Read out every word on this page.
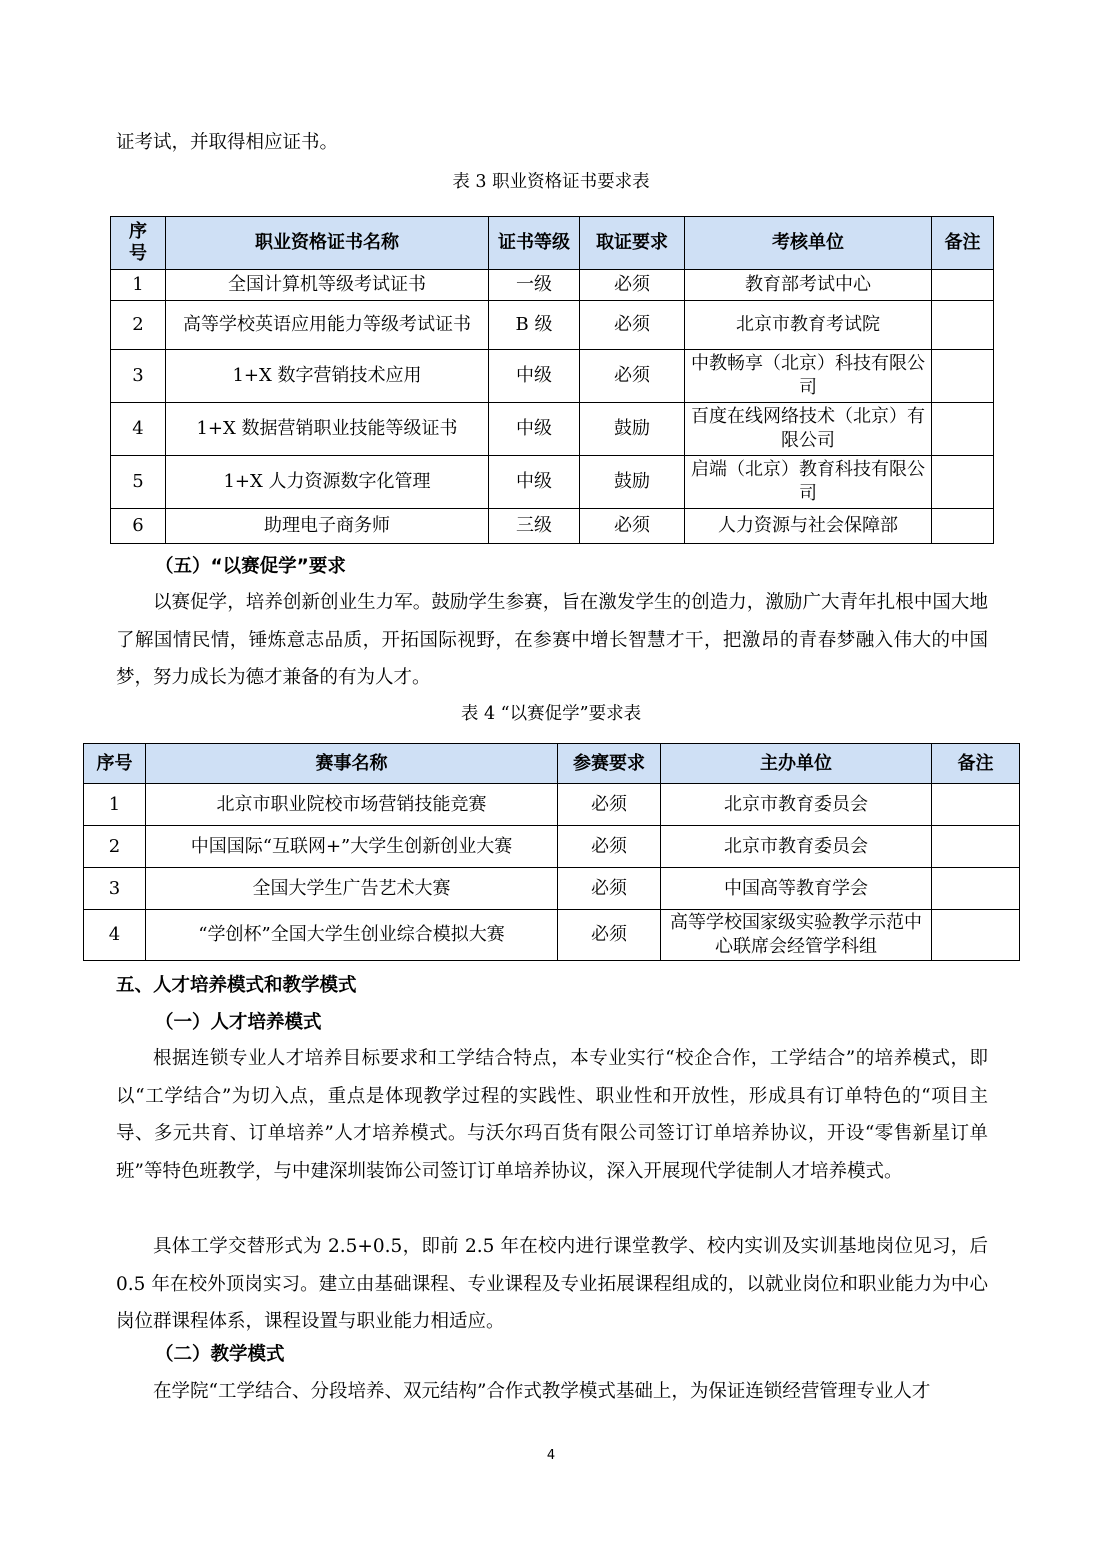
证考试，并取得相应证书。

表 3 职业资格证书要求表
序号	职业资格证书名称	证书等级	取证要求	考核单位	备注
1	全国计算机等级考试证书	一级	必须	教育部考试中心	
2	高等学校英语应用能力等级考试证书	B 级	必须	北京市教育考试院	
3	1+X 数字营销技术应用	中级	必须	中教畅享（北京）科技有限公司	
4	1+X 数据营销职业技能等级证书	中级	鼓励	百度在线网络技术（北京）有限公司	
5	1+X 人力资源数字化管理	中级	鼓励	启端（北京）教育科技有限公司	
6	助理电子商务师	三级	必须	人力资源与社会保障部	

（五）“以赛促学”要求

以赛促学，培养创新创业生力军。鼓励学生参赛，旨在激发学生的创造力，激励广大青年扎根中国大地了解国情民情，锤炼意志品质，开拓国际视野，在参赛中增长智慧才干，把激昂的青春梦融入伟大的中国梦，努力成长为德才兼备的有为人才。

表 4 “以赛促学”要求表
序号	赛事名称	参赛要求	主办单位	备注
1	北京市职业院校市场营销技能竞赛	必须	北京市教育委员会	
2	中国国际“互联网+”大学生创新创业大赛	必须	北京市教育委员会	
3	全国大学生广告艺术大赛	必须	中国高等教育学会	
4	“学创杯”全国大学生创业综合模拟大赛	必须	高等学校国家级实验教学示范中心联席会经管学科组	

五、人才培养模式和教学模式

（一）人才培养模式

根据连锁专业人才培养目标要求和工学结合特点，本专业实行“校企合作，工学结合”的培养模式，即以“工学结合”为切入点，重点是体现教学过程的实践性、职业性和开放性，形成具有订单特色的“项目主导、多元共育、订单培养”人才培养模式。与沃尔玛百货有限公司签订订单培养协议，开设“零售新星订单班”等特色班教学，与中建深圳装饰公司签订订单培养协议，深入开展现代学徒制人才培养模式。

具体工学交替形式为 2.5+0.5，即前 2.5 年在校内进行课堂教学、校内实训及实训基地岗位见习，后 0.5 年在校外顶岗实习。建立由基础课程、专业课程及专业拓展课程组成的，以就业岗位和职业能力为中心岗位群课程体系，课程设置与职业能力相适应。

（二）教学模式

在学院“工学结合、分段培养、双元结构”合作式教学模式基础上，为保证连锁经营管理专业人才

4
